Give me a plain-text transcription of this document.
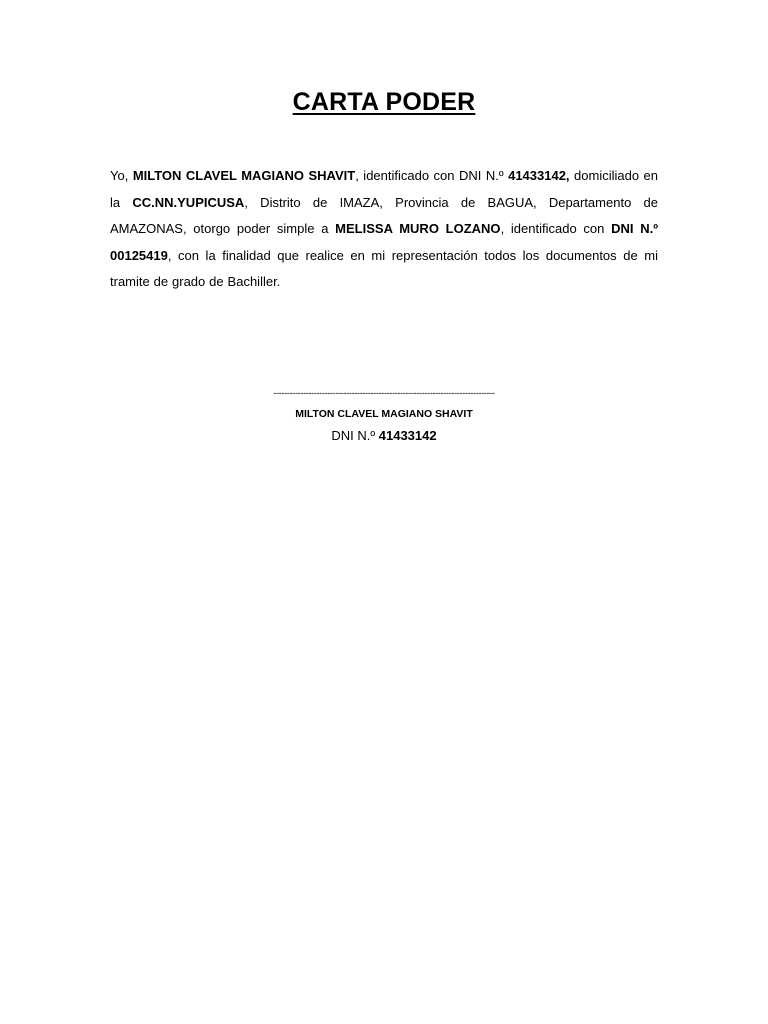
CARTA PODER
Yo, MILTON CLAVEL MAGIANO SHAVIT, identificado con DNI N.º 41433142, domiciliado en la CC.NN.YUPICUSA, Distrito de IMAZA, Provincia de BAGUA, Departamento de AMAZONAS, otorgo poder simple a MELISSA MURO LOZANO, identificado con DNI N.º 00125419, con la finalidad que realice en mi representación todos los documentos de mi tramite de grado de Bachiller.
----------------------------------------------------------------------------------
MILTON CLAVEL MAGIANO SHAVIT
DNI N.º 41433142
